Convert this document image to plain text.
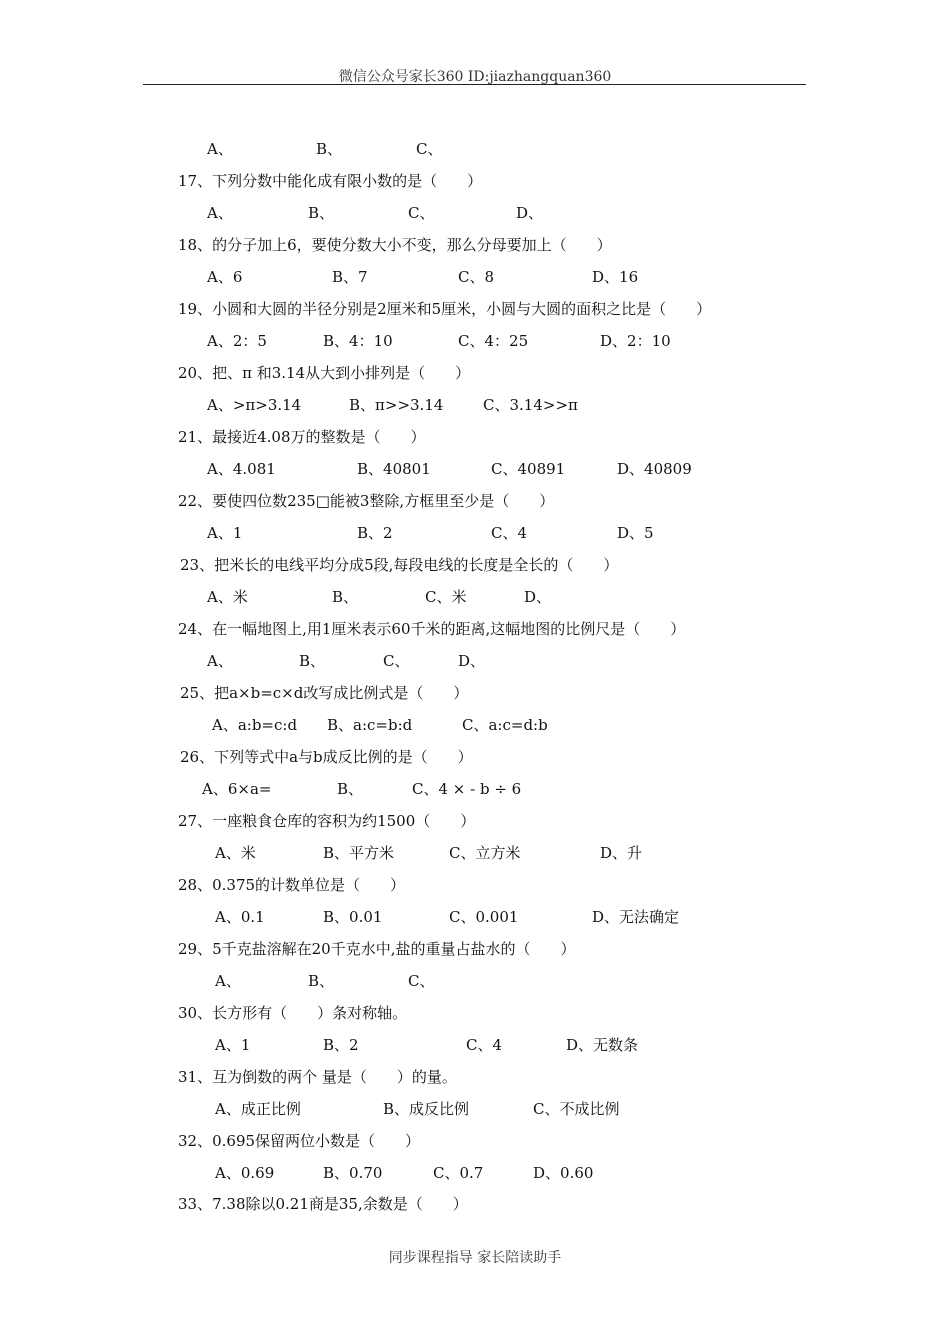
微信公众号家长360 ID:jiazhangquan360
A、	B、	C、
17、下列分数中能化成有限小数的是（　　）
A、	B、	C、	D、
18、的分子加上6，要使分数大小不变，那么分母要加上（　　）
A、6	B、7	C、8	D、16
19、小圆和大圆的半径分别是2厘米和5厘米，小圆与大圆的面积之比是（　　）
A、2：5	B、4：10	C、4：25	D、2：10
20、把、π 和3.14从大到小排列是（　　）
A、>π>3.14	B、π>>3.14	C、3.14>>π
21、最接近4.08万的整数是（　　）
A、4.081	B、40801	C、40891	D、40809
22、要使四位数235□能被3整除,方框里至少是（　　）
A、1	B、2	C、4	D、5
23、把米长的电线平均分成5段,每段电线的长度是全长的（　　）
A、米	B、	C、米	D、
24、在一幅地图上,用1厘米表示60千米的距离,这幅地图的比例尺是（　　）
A、	B、	C、	D、
25、把a×b=c×d改写成比例式是（　　）
A、a:b=c:d B、a:c=b:d	C、a:c=d:b
26、下列等式中a与b成反比例的是（　　）
A、6×a=	B、	C、4 × - b ÷ 6
27、一座粮食仓库的容积为约1500（　　）
A、米	B、平方米	C、立方米	D、升
28、0.375的计数单位是（　　）
A、0.1	B、0.01	C、0.001	D、无法确定
29、5千克盐溶解在20千克水中,盐的重量占盐水的（　　）
A、	B、	C、
30、长方形有（　　）条对称轴。
A、1	B、2	C、4	D、无数条
31、互为倒数的两个 量是（　　）的量。
A、成正比例	B、成反比例	C、不成比例
32、0.695保留两位小数是（　　）
A、0.69	B、0.70	C、0.7	D、0.60
33、7.38除以0.21商是35,余数是（　　）
同步课程指导 家长陪读助手
